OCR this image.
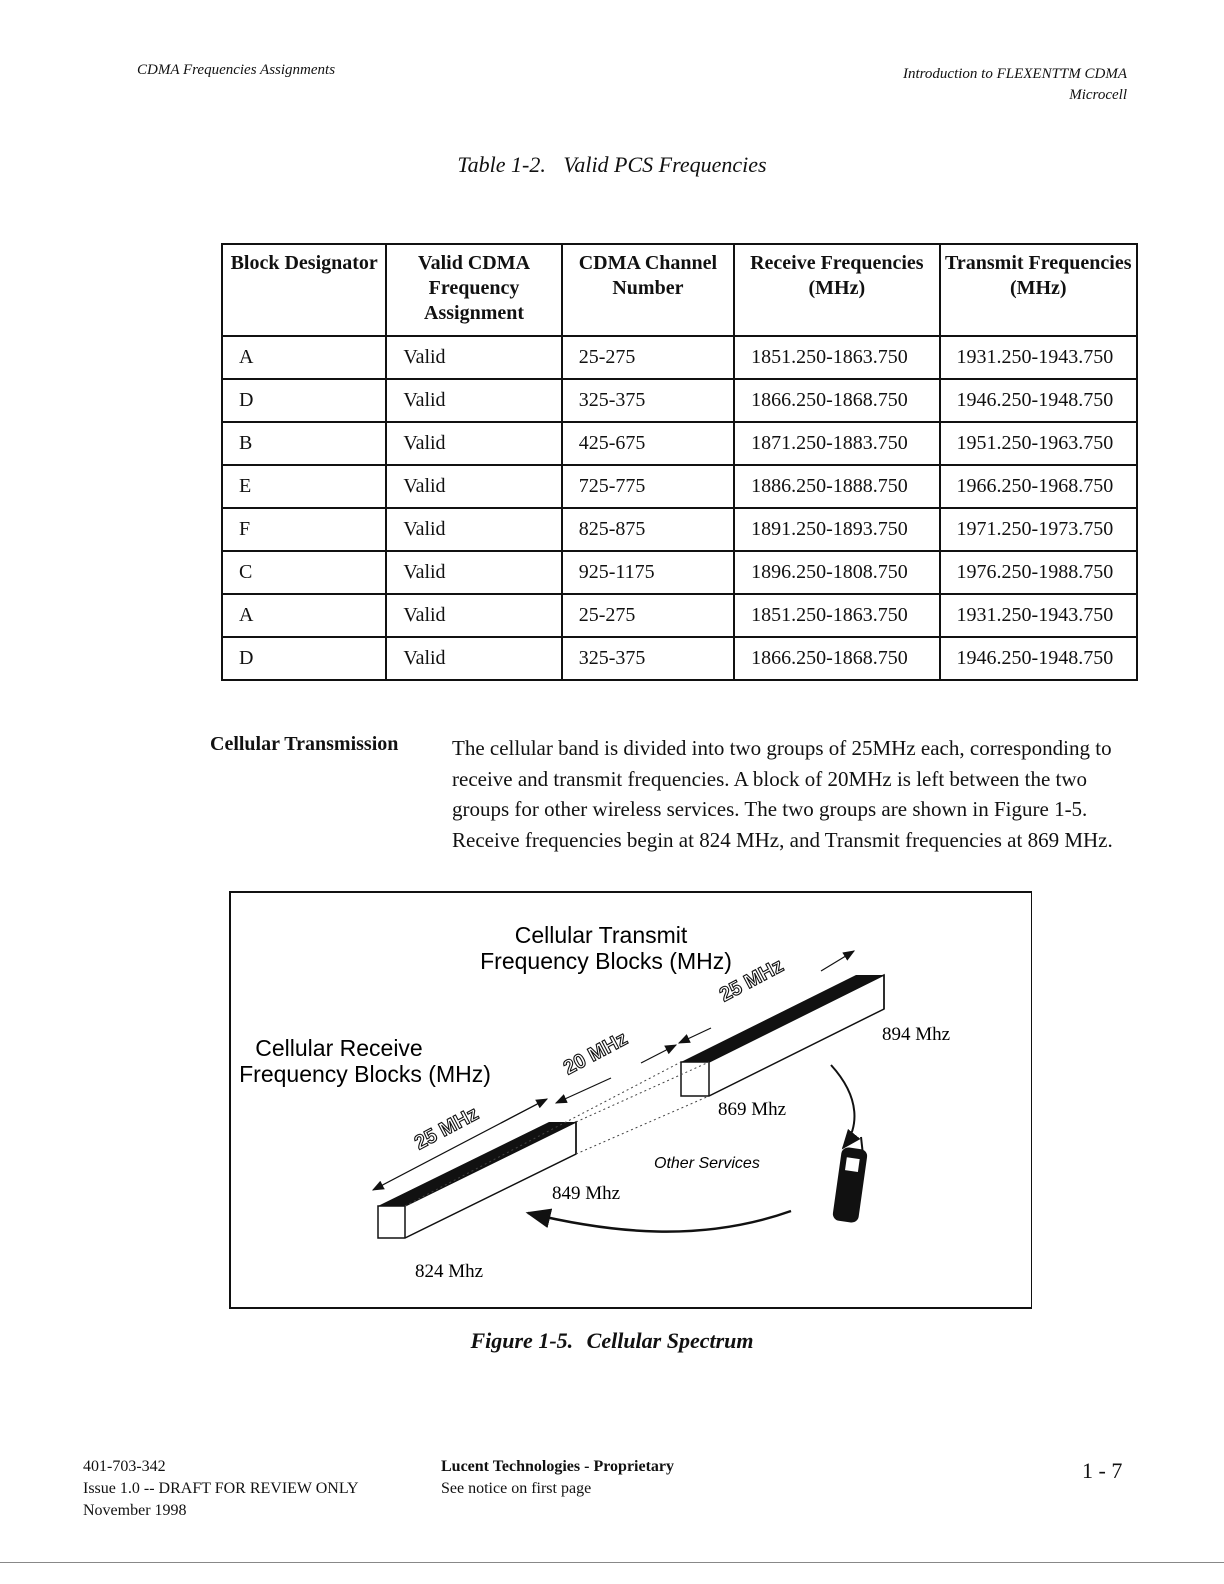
CDMA Frequencies Assignments	Introduction to FLEXENTTM CDMA
Microcell
Table 1-2. Valid PCS Frequencies
Block Designator	Valid CDMA Frequency Assignment	CDMA Channel Number	Receive Frequencies (MHz)	Transmit Frequencies (MHz)
A	Valid	25-275	1851.250-1863.750	1931.250-1943.750
D	Valid	325-375	1866.250-1868.750	1946.250-1948.750
B	Valid	425-675	1871.250-1883.750	1951.250-1963.750
E	Valid	725-775	1886.250-1888.750	1966.250-1968.750
F	Valid	825-875	1891.250-1893.750	1971.250-1973.750
C	Valid	925-1175	1896.250-1808.750	1976.250-1988.750
A	Valid	25-275	1851.250-1863.750	1931.250-1943.750
D	Valid	325-375	1866.250-1868.750	1946.250-1948.750
Cellular Transmission	The cellular band is divided into two groups of 25MHz each, corresponding to receive and transmit frequencies. A block of 20MHz is left between the two groups for other wireless services. The two groups are shown in Figure 1-5. Receive frequencies begin at 824 MHz, and Transmit frequencies at 869 MHz.

Cellular Transmit
Frequency Blocks (MHz)
Cellular Receive
Frequency Blocks (MHz)
25 MHz
20 MHz
25 MHz
894 Mhz
869 Mhz
849 Mhz
824 Mhz
Other Services
Figure 1-5. Cellular Spectrum
401-703-342
Issue 1.0 -- DRAFT FOR REVIEW ONLY
November 1998
Lucent Technologies - Proprietary
See notice on first page
1 - 7
